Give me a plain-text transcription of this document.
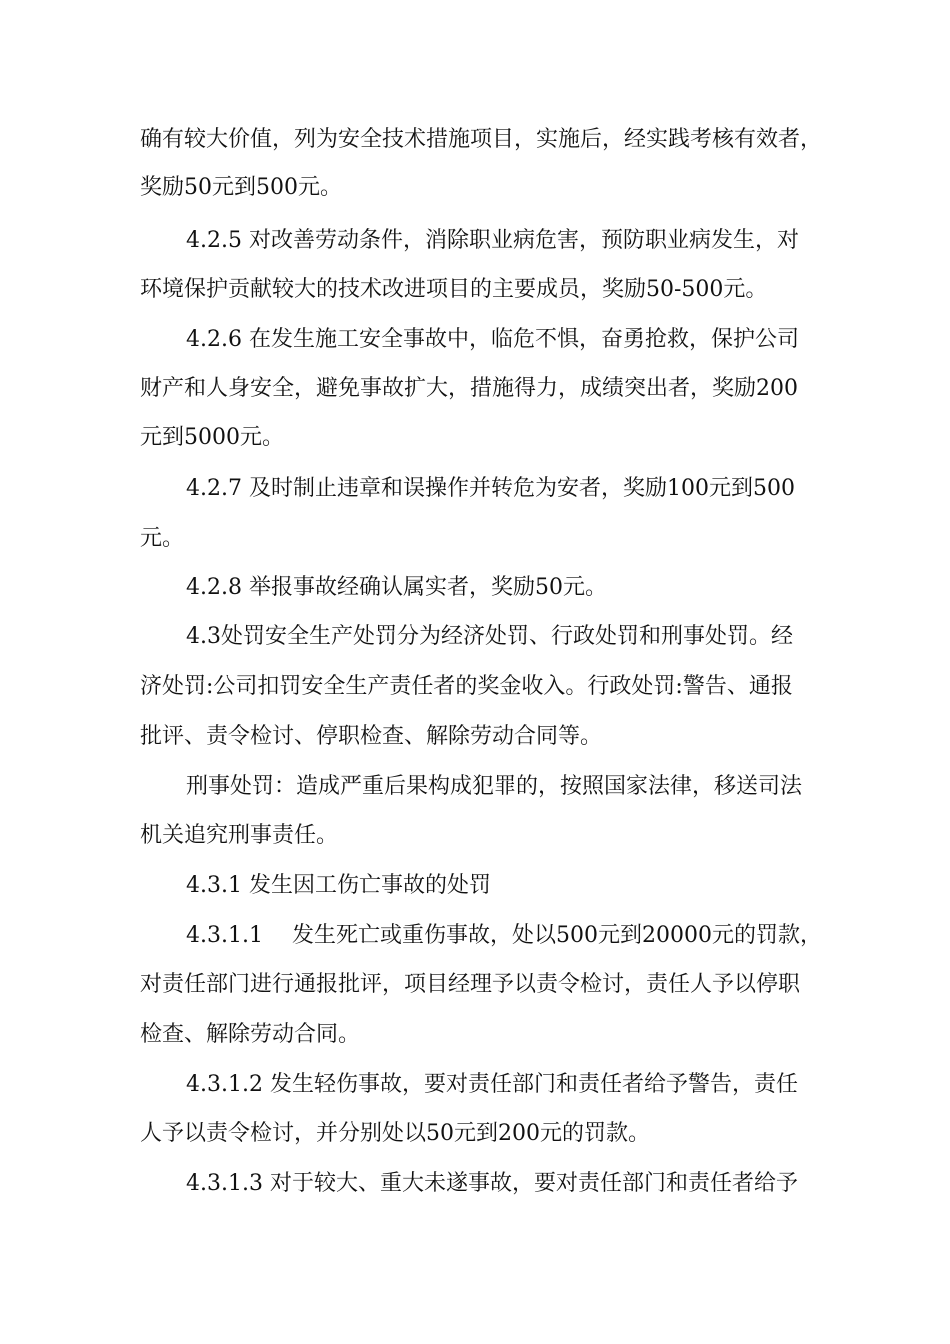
确有较大价值，列为安全技术措施项目，实施后，经实践考核有效者，
奖励50元到500元。
4.2.5 对改善劳动条件，消除职业病危害，预防职业病发生，对
环境保护贡献较大的技术改进项目的主要成员，奖励50-500元。
4.2.6 在发生施工安全事故中，临危不惧，奋勇抢救，保护公司
财产和人身安全，避免事故扩大，措施得力，成绩突出者，奖励200
元到5000元。
4.2.7 及时制止违章和误操作并转危为安者，奖励100元到500
元。
4.2.8 举报事故经确认属实者，奖励50元。
4.3处罚安全生产处罚分为经济处罚、行政处罚和刑事处罚。经
济处罚:公司扣罚安全生产责任者的奖金收入。行政处罚:警告、通报
批评、责令检讨、停职检查、解除劳动合同等。
刑事处罚：造成严重后果构成犯罪的，按照国家法律，移送司法
机关追究刑事责任。
4.3.1 发生因工伤亡事故的处罚
4.3.1.1　 发生死亡或重伤事故，处以500元到20000元的罚款，
对责任部门进行通报批评，项目经理予以责令检讨，责任人予以停职
检查、解除劳动合同。
4.3.1.2 发生轻伤事故，要对责任部门和责任者给予警告，责任
人予以责令检讨，并分别处以50元到200元的罚款。
4.3.1.3 对于较大、重大未遂事故，要对责任部门和责任者给予
